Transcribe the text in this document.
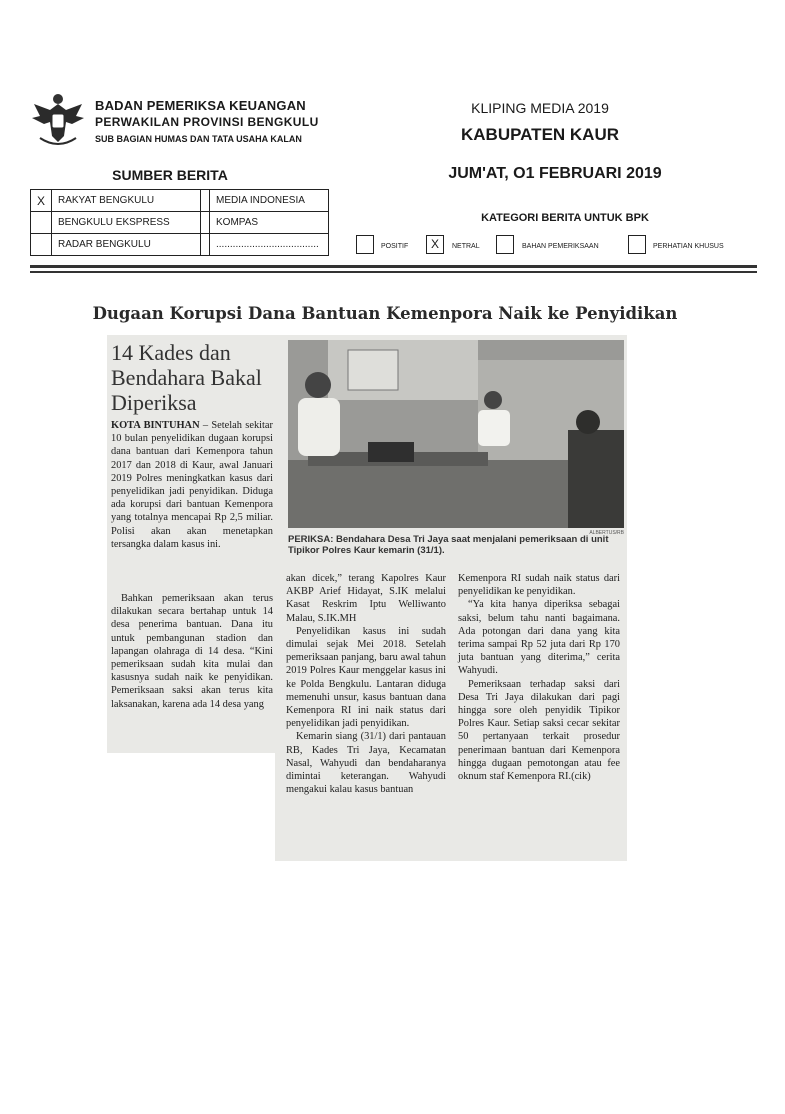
BADAN PEMERIKSA KEUANGAN
PERWAKILAN PROVINSI BENGKULU
SUB BAGIAN HUMAS DAN TATA USAHA KALAN
KLIPING MEDIA 2019
KABUPATEN KAUR
JUM'AT, O1 FEBRUARI 2019
SUMBER BERITA
X	RAKYAT BENGKULU		MEDIA INDONESIA
	BENGKULU EKSPRESS		KOMPAS
	RADAR BENGKULU		.....................................
KATEGORI BERITA UNTUK BPK
POSITIF	X	NETRAL	BAHAN PEMERIKSAAN	PERHATIAN KHUSUS
Dugaan Korupsi Dana Bantuan Kemenpora Naik ke Penyidikan
14 Kades dan Bendahara Bakal Diperiksa
ALBERTUS/RB
PERIKSA: Bendahara Desa Tri Jaya saat menjalani pemeriksaan di unit Tipikor Polres Kaur kemarin (31/1).

KOTA BINTUHAN – Setelah sekitar 10 bulan penyelidikan dugaan korupsi dana bantuan dari Kemenpora tahun 2017 dan 2018 di Kaur, awal Januari 2019 Polres meningkatkan kasus dari penyelidikan jadi penyidikan. Diduga ada korupsi dari bantuan Kemenpora yang totalnya mencapai Rp 2,5 miliar. Polisi akan akan menetapkan tersangka dalam kasus ini.

Bahkan pemeriksaan akan terus dilakukan secara bertahap untuk 14 desa penerima bantuan. Dana itu untuk pembangunan stadion dan lapangan olahraga di 14 desa. “Kini pemeriksaan sudah kita mulai dan kasusnya sudah naik ke penyidikan. Pemeriksaan saksi akan terus kita laksanakan, karena ada 14 desa yang

akan dicek,” terang Kapolres Kaur AKBP Arief Hidayat, S.IK melalui Kasat Reskrim Iptu Welliwanto Malau, S.IK.MH

Penyelidikan kasus ini sudah dimulai sejak Mei 2018. Setelah pemeriksaan panjang, baru awal tahun 2019 Polres Kaur menggelar kasus ini ke Polda Bengkulu. Lantaran diduga memenuhi unsur, kasus bantuan dana Kemenpora RI ini naik status dari penyelidikan jadi penyidikan.

Kemarin siang (31/1) dari pantauan RB, Kades Tri Jaya, Kecamatan Nasal, Wahyudi dan bendaharanya dimintai keterangan. Wahyudi mengakui kalau kasus bantuan

Kemenpora RI sudah naik status dari penyelidikan ke penyidikan.

“Ya kita hanya diperiksa sebagai saksi, belum tahu nanti bagaimana. Ada potongan dari dana yang kita terima sampai Rp 52 juta dari Rp 170 juta bantuan yang diterima,” cerita Wahyudi.

Pemeriksaan terhadap saksi dari Desa Tri Jaya dilakukan dari pagi hingga sore oleh penyidik Tipikor Polres Kaur. Setiap saksi cecar sekitar 50 pertanyaan terkait prosedur penerimaan bantuan dari Kemenpora hingga dugaan pemotongan atau fee oknum staf Kemenpora RI.(cik)
